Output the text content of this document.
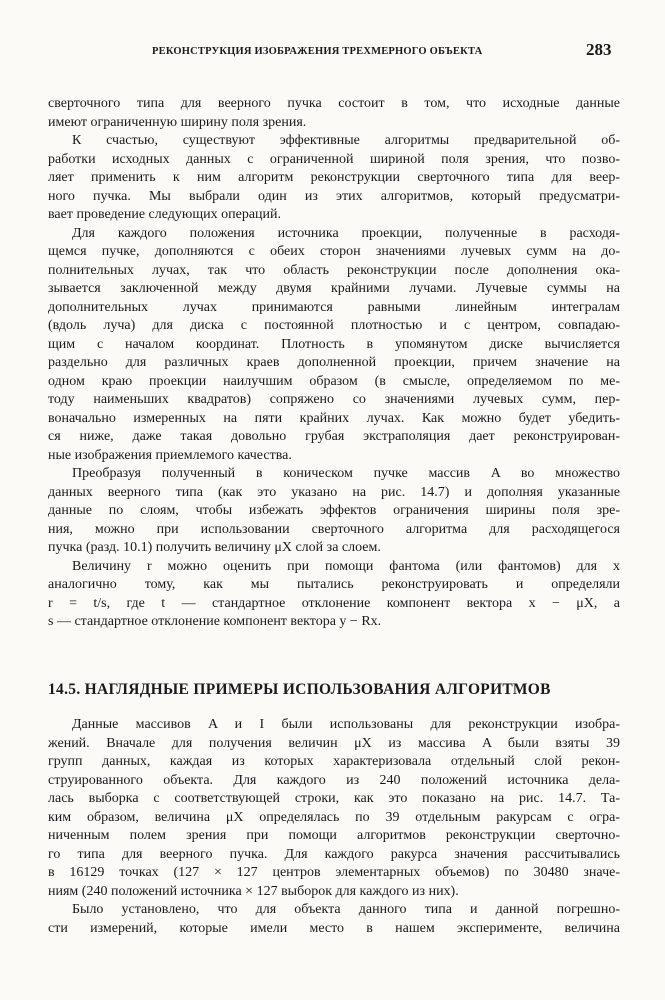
РЕКОНСТРУКЦИЯ ИЗОБРАЖЕНИЯ ТРЕХМЕРНОГО ОБЪЕКТА	283
сверточного типа для веерного пучка состоит в том, что исходные данные
имеют ограниченную ширину поля зрения.
К счастью, существуют эффективные алгоритмы предварительной об-
работки исходных данных с ограниченной шириной поля зрения, что позво-
ляет применить к ним алгоритм реконструкции сверточного типа для веер-
ного пучка. Мы выбрали один из этих алгоритмов, который предусматри-
вает проведение следующих операций.
Для каждого положения источника проекции, полученные в расходя-
щемся пучке, дополняются с обеих сторон значениями лучевых сумм на до-
полнительных лучах, так что область реконструкции после дополнения ока-
зывается заключенной между двумя крайними лучами. Лучевые суммы на
дополнительных лучах принимаются равными линейным интегралам
(вдоль луча) для диска с постоянной плотностью и с центром, совпадаю-
щим с началом координат. Плотность в упомянутом диске вычисляется
раздельно для различных краев дополненной проекции, причем значение на
одном краю проекции наилучшим образом (в смысле, определяемом по ме-
тоду наименьших квадратов) сопряжено со значениями лучевых сумм, пер-
воначально измеренных на пяти крайних лучах. Как можно будет убедить-
ся ниже, даже такая довольно грубая экстраполяция дает реконструирован-
ные изображения приемлемого качества.
Преобразуя полученный в коническом пучке массив A во множество
данных веерного типа (как это указано на рис. 14.7) и дополняя указанные
данные по слоям, чтобы избежать эффектов ограничения ширины поля зре-
ния, можно при использовании сверточного алгоритма для расходящегося
пучка (разд. 10.1) получить величину μX слой за слоем.
Величину r можно оценить при помощи фантома (или фантомов) для x
аналогично тому, как мы пытались реконструировать и определяли
r = t/s, где t — стандартное отклонение компонент вектора x − μX, а
s — стандартное отклонение компонент вектора y − Rx.
14.5. НАГЛЯДНЫЕ ПРИМЕРЫ ИСПОЛЬЗОВАНИЯ АЛГОРИТМОВ
Данные массивов A и I были использованы для реконструкции изобра-
жений. Вначале для получения величин μX из массива A были взяты 39
групп данных, каждая из которых характеризовала отдельный слой рекон-
струированного объекта. Для каждого из 240 положений источника дела-
лась выборка с соответствующей строки, как это показано на рис. 14.7. Та-
ким образом, величина μX определялась по 39 отдельным ракурсам с огра-
ниченным полем зрения при помощи алгоритмов реконструкции сверточно-
го типа для веерного пучка. Для каждого ракурса значения рассчитывались
в 16129 точках (127 × 127 центров элементарных объемов) по 30480 значе-
ниям (240 положений источника × 127 выборок для каждого из них).
Было установлено, что для объекта данного типа и данной погрешно-
сти измерений, которые имели место в нашем эксперименте, величина
